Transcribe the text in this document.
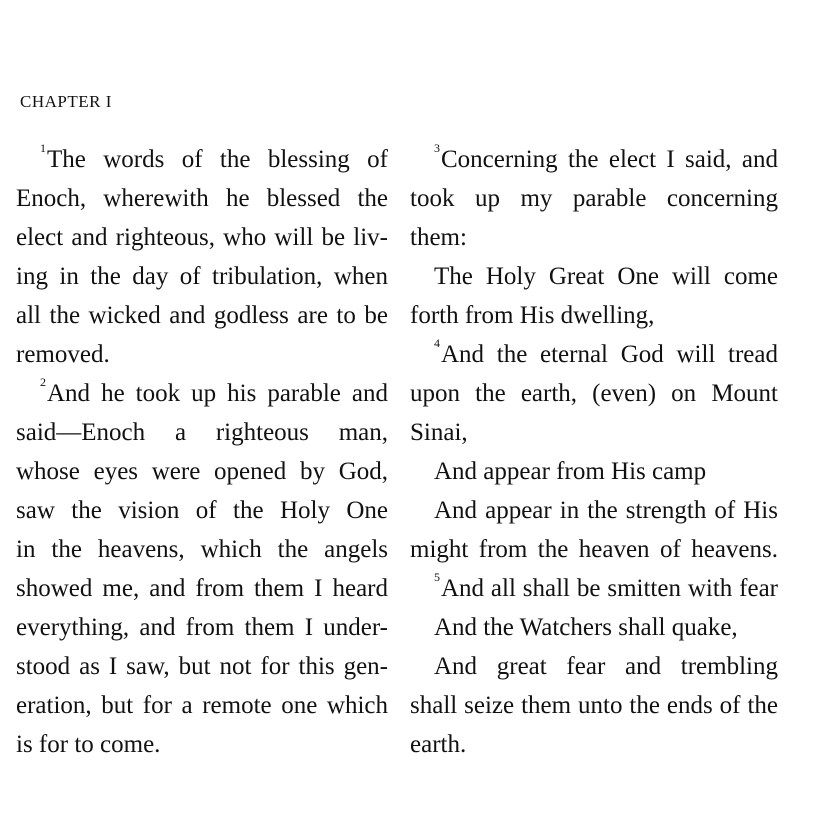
CHAPTER I
$^1$The words of the blessing of
Enoch, wherewith he blessed the
elect and righteous, who will be liv-
ing in the day of tribulation, when
all the wicked and godless are to be
removed.
$^2$And he took up his parable and
said—Enoch a righteous man,
whose eyes were opened by God,
saw the vision of the Holy One
in the heavens, which the angels
showed me, and from them I heard
everything, and from them I under-
stood as I saw, but not for this gen-
eration, but for a remote one which
is for to come.
$^3$Concerning the elect I said, and
took up my parable concerning
them:
The Holy Great One will come
forth from His dwelling,
$^4$And the eternal God will tread
upon the earth, (even) on Mount
Sinai,
And appear from His camp
And appear in the strength of His
might from the heaven of heavens.
$^5$And all shall be smitten with fear
And the Watchers shall quake,
And great fear and trembling
shall seize them unto the ends of the
earth.
